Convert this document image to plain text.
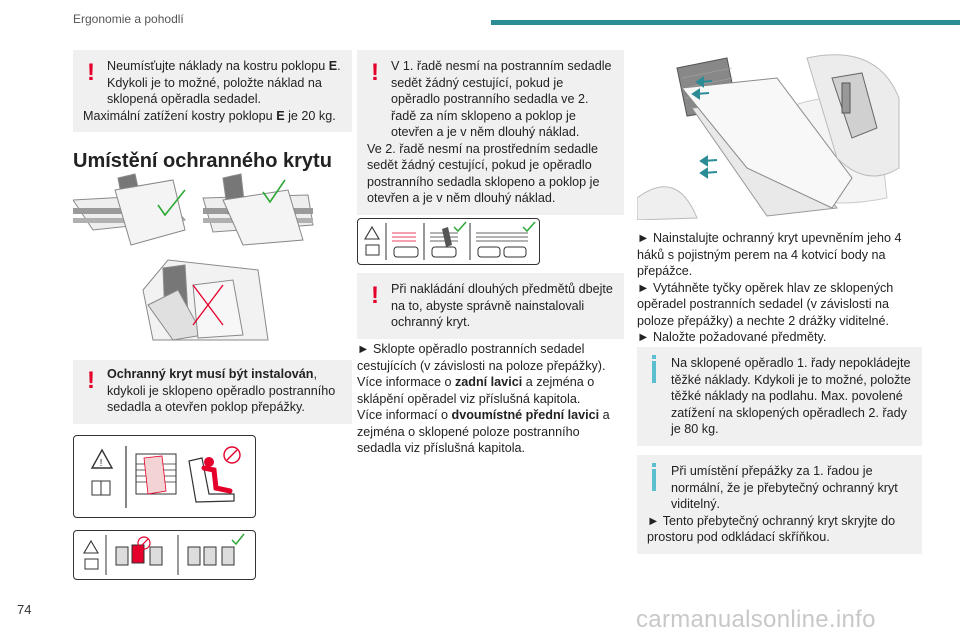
Ergonomie a pohodlí
! Neumísťujte náklady na kostru poklopu E. Kdykoli je to možné, položte náklad na sklopená opěradla sedadel.
Maximální zatížení kostry poklopu E je 20 kg.
Umístění ochranného krytu
! Ochranný kryt musí být instalován, kdykoli je sklopeno opěradlo postranního sedadla a otevřen poklop přepážky.
!
! V 1. řadě nesmí na postranním sedadle sedět žádný cestující, pokud je opěradlo postranního sedadla ve 2. řadě za ním sklopeno a poklop je otevřen a je v něm dlouhý náklad.
Ve 2. řadě nesmí na prostředním sedadle sedět žádný cestující, pokud je opěradlo postranního sedadla sklopeno a poklop je otevřen a je v něm dlouhý náklad.
! Při nakládání dlouhých předmětů dbejte na to, abyste správně nainstalovali ochranný kryt.
► Sklopte opěradlo postranních sedadel cestujících (v závislosti na poloze přepážky).
Více informace o zadní lavici a zejména o sklápění opěradel viz příslušná kapitola.
Více informací o dvoumístné přední lavici a zejména o sklopené poloze postranního sedadla viz příslušná kapitola.
► Nainstalujte ochranný kryt upevněním jeho 4 háků s pojistným perem na 4 kotvicí body na přepážce.
► Vytáhněte tyčky opěrek hlav ze sklopených opěradel postranních sedadel (v závislosti na poloze přepážky) a nechte 2 drážky viditelné.
► Naložte požadované předměty.
Na sklopené opěradlo 1. řady nepokládejte těžké náklady. Kdykoli je to možné, položte těžké náklady na podlahu. Max. povolené zatížení na sklopených opěradlech 2. řady je 80 kg.
Při umístění přepážky za 1. řadou je normální, že je přebytečný ochranný kryt viditelný.
► Tento přebytečný ochranný kryt skryjte do prostoru pod odkládací skříňkou.
74	carmanualsonline.info
